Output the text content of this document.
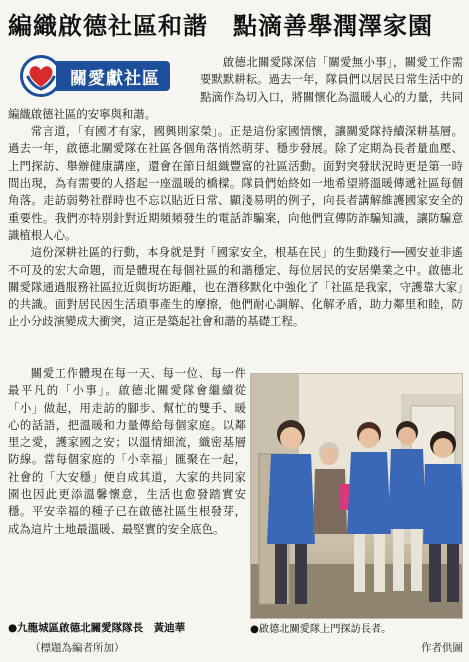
編織啟德社區和諧　點滴善舉潤澤家園
關愛獻社區

啟德北關愛隊深信「關愛無小事」，關愛工作需要默默耕耘。過去一年，隊員們以居民日常生活中的點滴作為切入口，將關懷化為溫暖人心的力量，共同編織啟德社區的安寧與和諧。

常言道，「有國才有家，國興則家榮」。正是這份家國情懷，讓關愛隊持續深耕基層。過去一年，啟德北關愛隊在社區各個角落悄然萌芽、穩步發展。除了定期為長者量血壓、上門探訪、舉辦健康講座，還會在節日組織豐富的社區活動。面對突發狀況時更是第一時間出現，為有需要的人搭起一座溫暖的橋樑。隊員們始終如一地希望將溫暖傳遞社區每個角落。走訪弱勢社群時也不忘以貼近日常、顯淺易明的例子，向長者講解維護國家安全的重要性。我們亦特別針對近期頻頻發生的電話詐騙案，向他們宣傳防詐騙知識，讓防騙意識植根人心。

這份深耕社區的行動，本身就是對「國家安全，根基在民」的生動踐行──國安並非遙不可及的宏大命題，而是體現在每個社區的和諧穩定、每位居民的安居樂業之中。啟德北關愛隊通過服務社區拉近與街坊距離，也在潛移默化中強化了「社區是我家，守護靠大家」的共識。面對居民因生活瑣事產生的摩擦，他們耐心調解、化解矛盾，助力鄰里和睦，防止小分歧演變成大衝突，這正是築起社會和諧的基礎工程。

關愛工作體現在每一天、每一位、每一件最平凡的「小事」。啟德北關愛隊會繼續從「小」做起，用走訪的腳步、幫忙的雙手、暖心的話語，把溫暖和力量傳給每個家庭。以鄰里之愛，護家國之安；以溫情細流，織密基層防線。當每個家庭的「小幸福」匯聚在一起，社會的「大安穩」便自成其道，大家的共同家園也因此更添溫馨懷意，生活也愈發踏實安穩。平安幸福的種子已在啟德社區生根發芽，成為這片土地最溫暖、最堅實的安全底色。

●九龍城區啟德北關愛隊隊長　黃迪華
（標題為編者所加）
●啟德北關愛隊上門探訪長者。
作者供圖
